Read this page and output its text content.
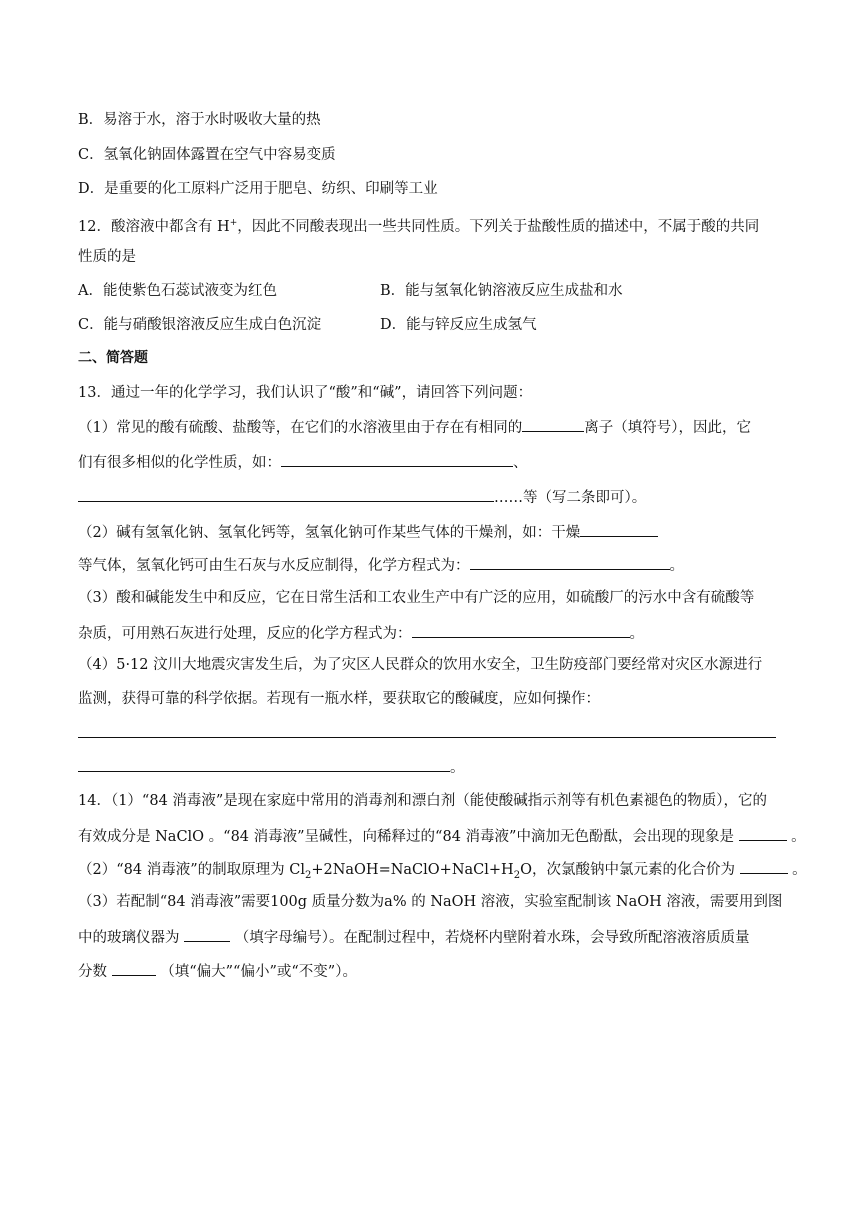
B．易溶于水，溶于水时吸收大量的热
C．氢氧化钠固体露置在空气中容易变质
D．是重要的化工原料广泛用于肥皂、纺织、印刷等工业
12．酸溶液中都含有 H+，因此不同酸表现出一些共同性质。下列关于盐酸性质的描述中，不属于酸的共同
性质的是
A．能使紫色石蕊试液变为红色	B．能与氢氧化钠溶液反应生成盐和水
C．能与硝酸银溶液反应生成白色沉淀	D．能与锌反应生成氢气
二、简答题
13．通过一年的化学学习，我们认识了“酸”和“碱”，请回答下列问题：
（1）常见的酸有硫酸、盐酸等，在它们的水溶液里由于存在有相同的	离子（填符号），因此，它
们有很多相似的化学性质，如：	、
……等（写二条即可）。
（2）碱有氢氧化钠、氢氧化钙等，氢氧化钠可作某些气体的干燥剂，如：干燥
等气体，氢氧化钙可由生石灰与水反应制得，化学方程式为：	。
（3）酸和碱能发生中和反应，它在日常生活和工农业生产中有广泛的应用，如硫酸厂的污水中含有硫酸等
杂质，可用熟石灰进行处理，反应的化学方程式为：	。
（4）5·12 汶川大地震灾害发生后，为了灾区人民群众的饮用水安全，卫生防疫部门要经常对灾区水源进行
监测，获得可靠的科学依据。若现有一瓶水样，要获取它的酸碱度，应如何操作：
。
14．（1）“84 消毒液”是现在家庭中常用的消毒剂和漂白剂（能使酸碱指示剂等有机色素褪色的物质），它的
有效成分是 NaClO 。“84 消毒液”呈碱性，向稀释过的“84 消毒液”中滴加无色酚酞，会出现的现象是	。
（2）“84 消毒液”的制取原理为 $Cl_2+2NaOH=NaClO+NaCl+H_2O$，次氯酸钠中氯元素的化合价为	。
（3）若配制“84 消毒液”需要100g 质量分数为a% 的 NaOH 溶液，实验室配制该 NaOH 溶液，需要用到图
中的玻璃仪器为	（填字母编号）。在配制过程中，若烧杯内壁附着水珠，会导致所配溶液溶质质量
分数	（填“偏大”“偏小”或“不变”）。
